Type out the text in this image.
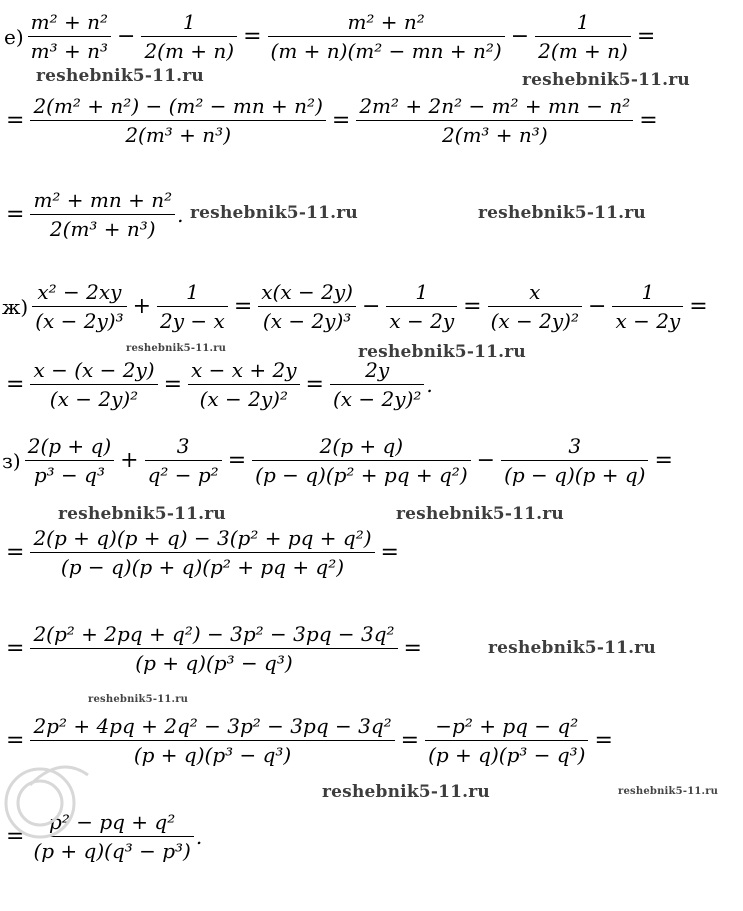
$е) \frac{\text{m² + n²}}{\text{m³ + n³}} - \frac{1}{2(m + n)} = \frac{\text{m² + n²}}{\text{(m + n)(m² − mn + n²)}} - \frac{1}{2(m + n)}$ =
= $\frac{\text{2(m² + n²) − (m² − mn + n²)}}{\text{2(m³ + n³)}} = \frac{\text{2m² + 2n² − m² + mn − n²}}{\text{2(m³ + n³)}}$ =
= $\frac{\text{m² + mn + n²}}{\text{2(m³ + n³)}}$ .
$ж) \frac{\text{x² − 2xy}}{\text{(x − 2y)³}} + \frac{1}{2y - x} = \frac{x(x - 2y)}{\text{(x − 2y)³}} - \frac{1}{x - 2y} = \frac{x}{\text{(x − 2y)²}} - \frac{1}{x - 2y}$ =
= $\frac{x - (x - 2y)}{\text{(x − 2y)²}} = \frac{x - x + 2y}{\text{(x − 2y)²}} = \frac{2y}{\text{(x − 2y)²}}$ .
$з) \frac{2(p + q)}{\text{p³ − q³}} + \frac{3}{\text{q² − p²}} = \frac{2(p + q)}{\text{(p − q)(p² + pq + q²)}} - \frac{3}{(p - q)(p + q)}$ =
= $\frac{\text{2(p + q)(p + q) − 3(p² + pq + q²)}}{\text{(p − q)(p + q)(p² + pq + q²)}}$ =
= $\frac{\text{2(p² + 2pq + q²) − 3p² − 3pq − 3q²}}{\text{(p + q)(p³ − q³)}}$ =
= $\frac{\text{2p² + 4pq + 2q² − 3p² − 3pq − 3q²}}{\text{(p + q)(p³ − q³)}} = \frac{\text{−p² + pq − q²}}{\text{(p + q)(p³ − q³)}}$ =
= $\frac{\text{p² − pq + q²}}{\text{(p + q)(q³ − p³)}}$ .
reshebnik5-11.ru	reshebnik5-11.ru
reshebnik5-11.ru	reshebnik5-11.ru
reshebnik5-11.ru	reshebnik5-11.ru
reshebnik5-11.ru	reshebnik5-11.ru
reshebnik5-11.ru
reshebnik5-11.ru
reshebnik5-11.ru	reshebnik5-11.ru
